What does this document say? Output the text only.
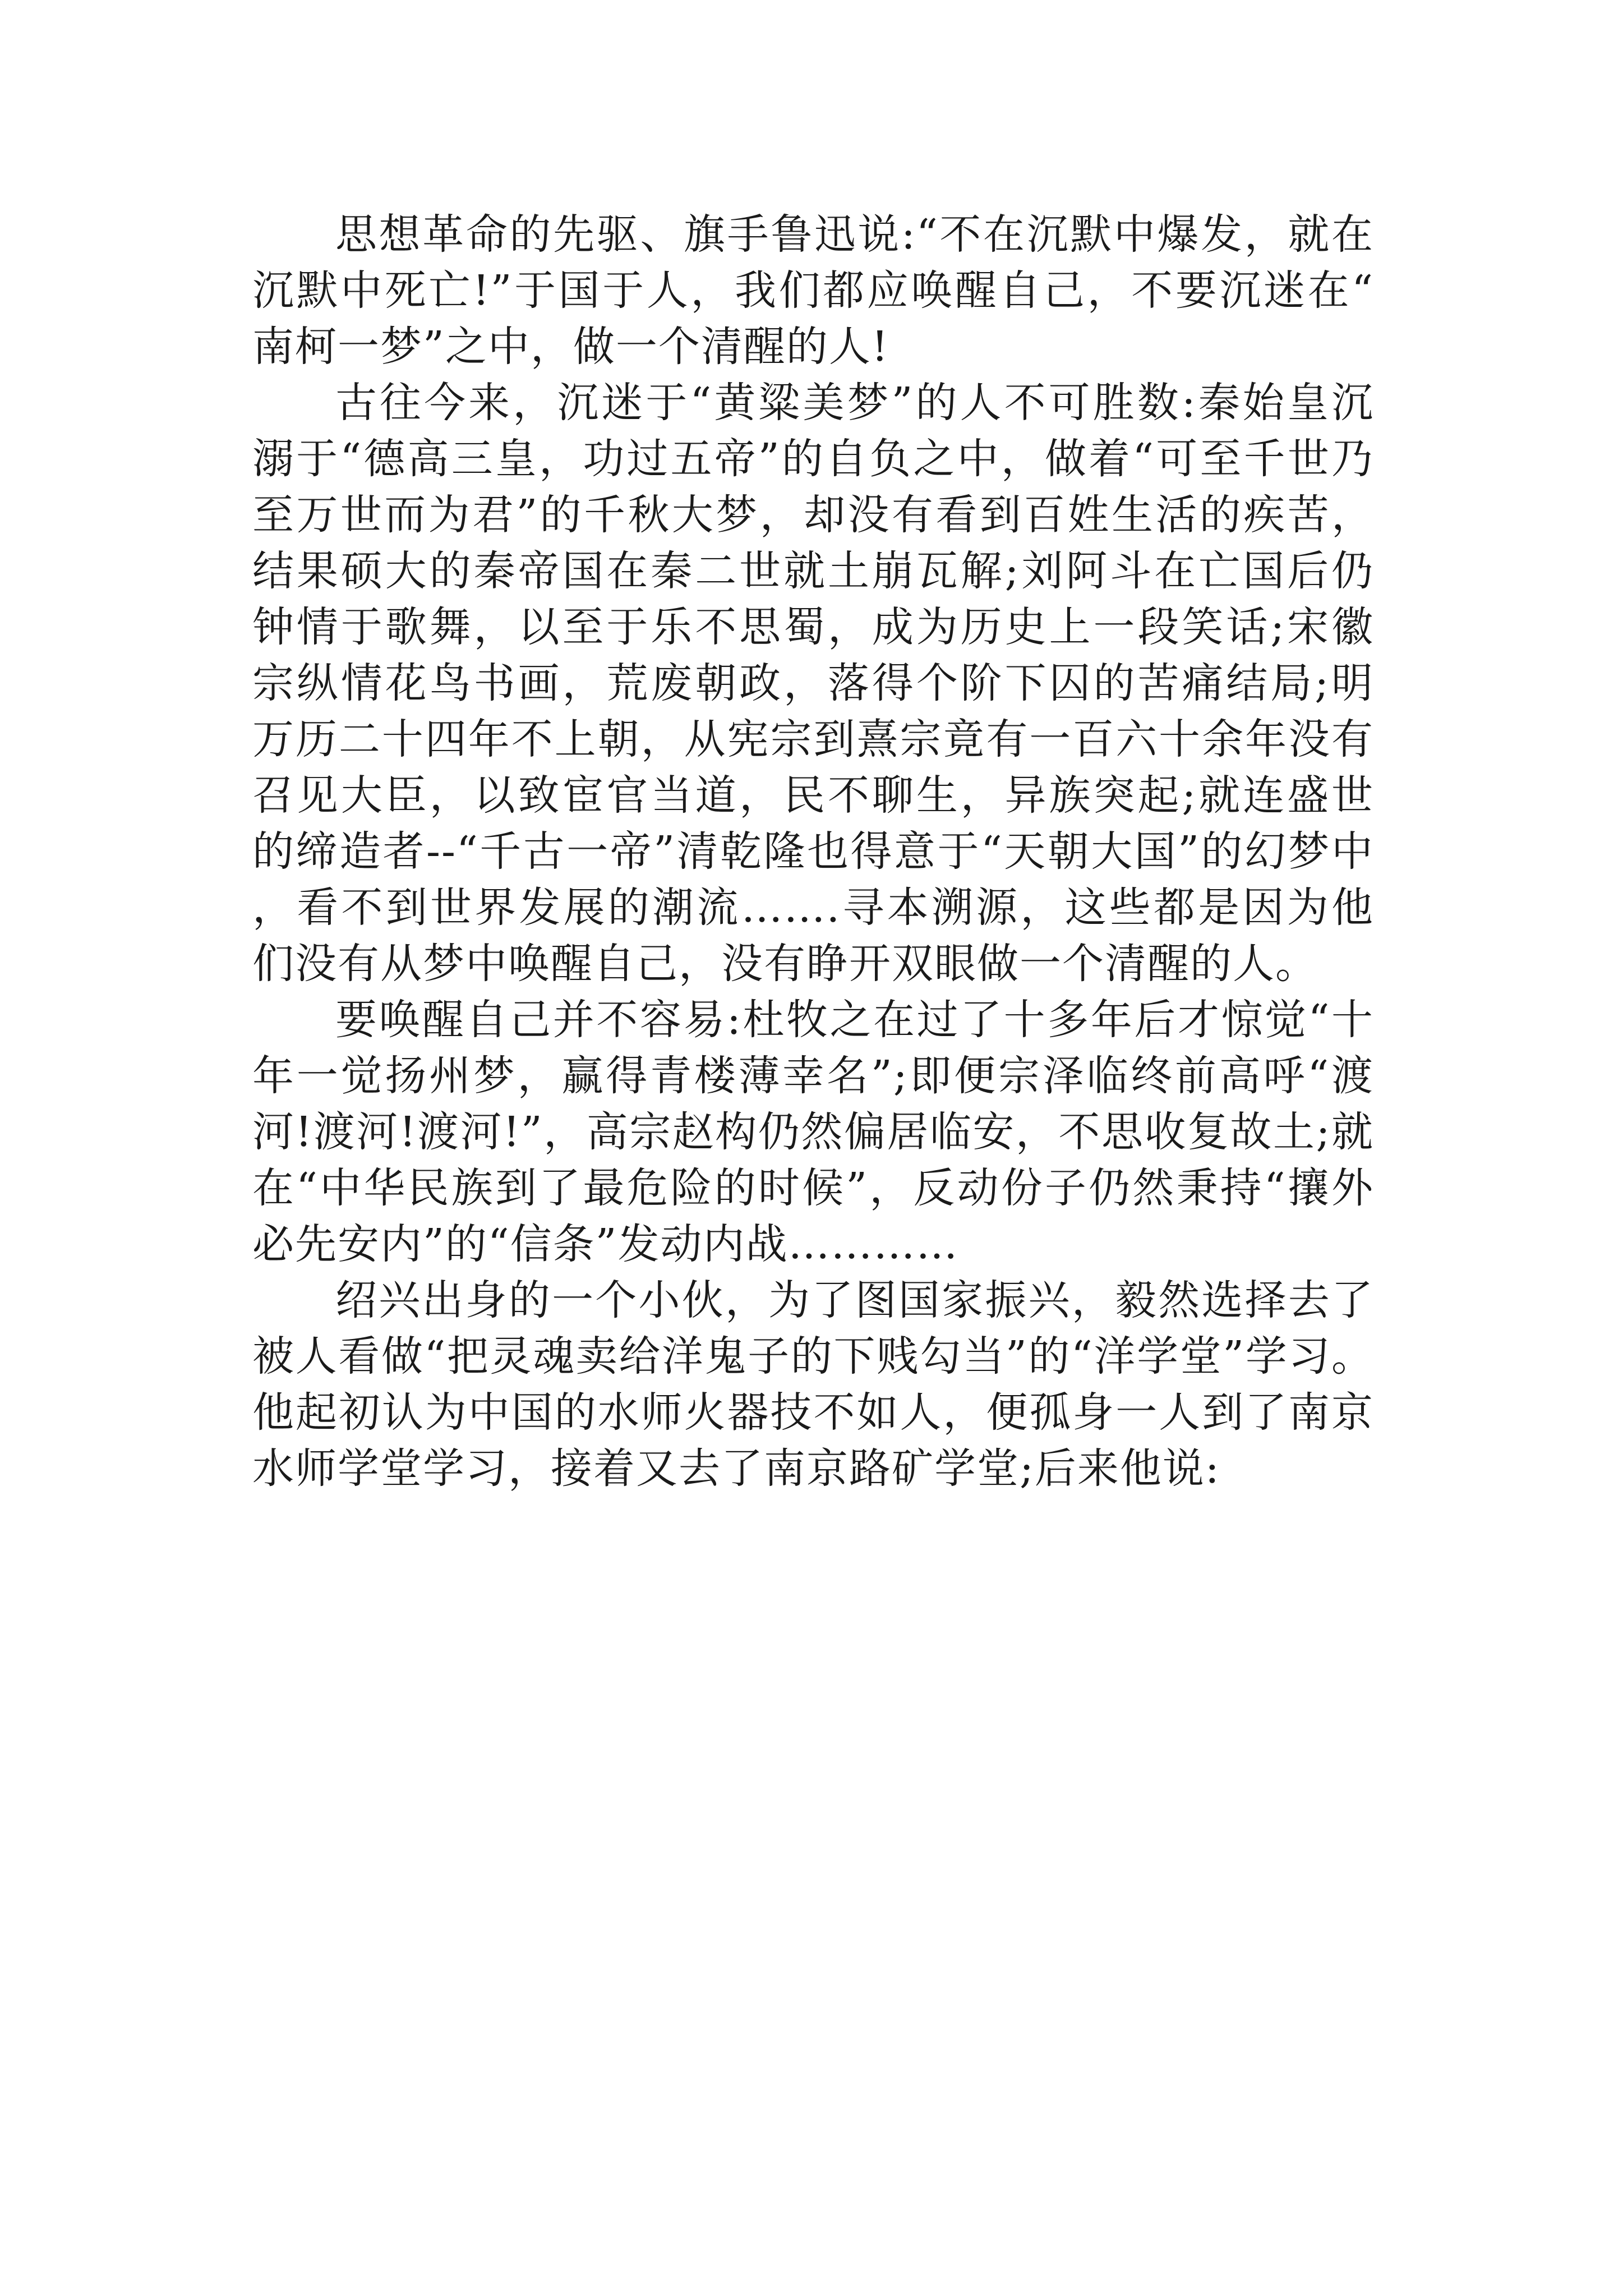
思想革命的先驱、旗手鲁迅说:“不在沉默中爆发，就在沉默中死亡!”于国于人，我们都应唤醒自己，不要沉迷在“南柯一梦”之中，做一个清醒的人!

古往今来，沉迷于“黄粱美梦”的人不可胜数:秦始皇沉溺于“德高三皇，功过五帝”的自负之中，做着“可至千世乃至万世而为君”的千秋大梦，却没有看到百姓生活的疾苦，结果硕大的秦帝国在秦二世就土崩瓦解;刘阿斗在亡国后仍钟情于歌舞，以至于乐不思蜀，成为历史上一段笑话;宋徽宗纵情花鸟书画，荒废朝政，落得个阶下囚的苦痛结局;明万历二十四年不上朝，从宪宗到熹宗竟有一百六十余年没有召见大臣，以致宦官当道，民不聊生，异族突起;就连盛世的缔造者--“千古一帝”清乾隆也得意于“天朝大国”的幻梦中，看不到世界发展的潮流…….寻本溯源，这些都是因为他们没有从梦中唤醒自己，没有睁开双眼做一个清醒的人。

要唤醒自己并不容易:杜牧之在过了十多年后才惊觉“十年一觉扬州梦，赢得青楼薄幸名”;即便宗泽临终前高呼“渡河!渡河!渡河!”，高宗赵构仍然偏居临安，不思收复故土;就在“中华民族到了最危险的时候”，反动份子仍然秉持“攘外必先安内”的“信条”发动内战…………

绍兴出身的一个小伙，为了图国家振兴，毅然选择去了被人看做“把灵魂卖给洋鬼子的下贱勾当”的“洋学堂”学习。他起初认为中国的水师火器技不如人，便孤身一人到了南京水师学堂学习，接着又去了南京路矿学堂;后来他说:
